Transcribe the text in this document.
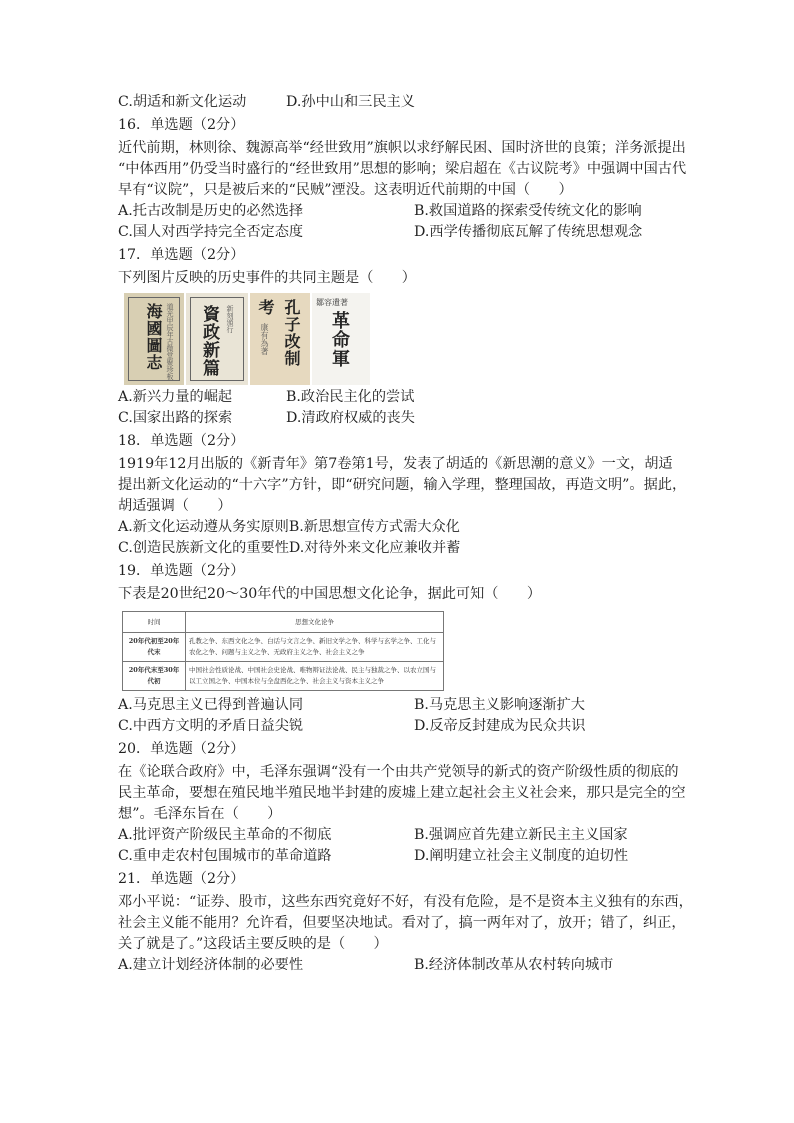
C.胡适和新文化运动	D.孙中山和三民主义
16．单选题（2分）
近代前期，林则徐、魏源高举“经世致用”旗帜以求纾解民困、国时济世的良策；洋务派提出
“中体西用”仍受当时盛行的“经世致用”思想的影响；梁启超在《古议院考》中强调中国古代
早有“议院”，只是被后来的“民贼”湮没。这表明近代前期的中国（　　）
A.托古改制是历史的必然选择	B.救国道路的探索受传统文化的影响
C.国人对西学持完全否定态度	D.西学传播彻底瓦解了传统思想观念
17．单选题（2分）
下列图片反映的历史事件的共同主题是（　　）
道光甲辰年古微堂聚珍板
海國圖志	新刻頒行
資政新篇	孔子改制
考
康有為著
鄒容遺著
革命軍
A.新兴力量的崛起	B.政治民主化的尝试
C.国家出路的探索	D.清政府权威的丧失
18．单选题（2分）
1919年12月出版的《新青年》第7卷第1号，发表了胡适的《新思潮的意义》一文，胡适
提出新文化运动的“十六字”方针，即“研究问题，输入学理，整理国故，再造文明”。据此，
胡适强调（　　）
A.新文化运动遵从务实原则B.新思想宣传方式需大众化
C.创造民族新文化的重要性D.对待外来文化应兼收并蓄
19．单选题（2分）
下表是20世纪20～30年代的中国思想文化论争，据此可知（　　）
时间	思想文化论争
20年代初至20年代末	孔教之争、东西文化之争、白话与文言之争、新旧文学之争、科学与玄学之争、工化与农化之争、问题与主义之争、无政府主义之争、社会主义之争
20年代末至30年代初	中国社会性质论战、中国社会史论战、唯物辩证法论战、民主与独裁之争、以农立国与以工立国之争、中国本位与全盘西化之争、社会主义与资本主义之争
A.马克思主义已得到普遍认同	B.马克思主义影响逐渐扩大
C.中西方文明的矛盾日益尖锐	D.反帝反封建成为民众共识
20．单选题（2分）
在《论联合政府》中，毛泽东强调“没有一个由共产党领导的新式的资产阶级性质的彻底的
民主革命，要想在殖民地半殖民地半封建的废墟上建立起社会主义社会来，那只是完全的空
想”。毛泽东旨在（　　）
A.批评资产阶级民主革命的不彻底	B.强调应首先建立新民主主义国家
C.重申走农村包围城市的革命道路	D.阐明建立社会主义制度的迫切性
21．单选题（2分）
邓小平说：“证券、股市，这些东西究竟好不好，有没有危险，是不是资本主义独有的东西，
社会主义能不能用？允许看，但要坚决地试。看对了，搞一两年对了，放开；错了，纠正，
关了就是了。”这段话主要反映的是（　　）
A.建立计划经济体制的必要性	B.经济体制改革从农村转向城市
